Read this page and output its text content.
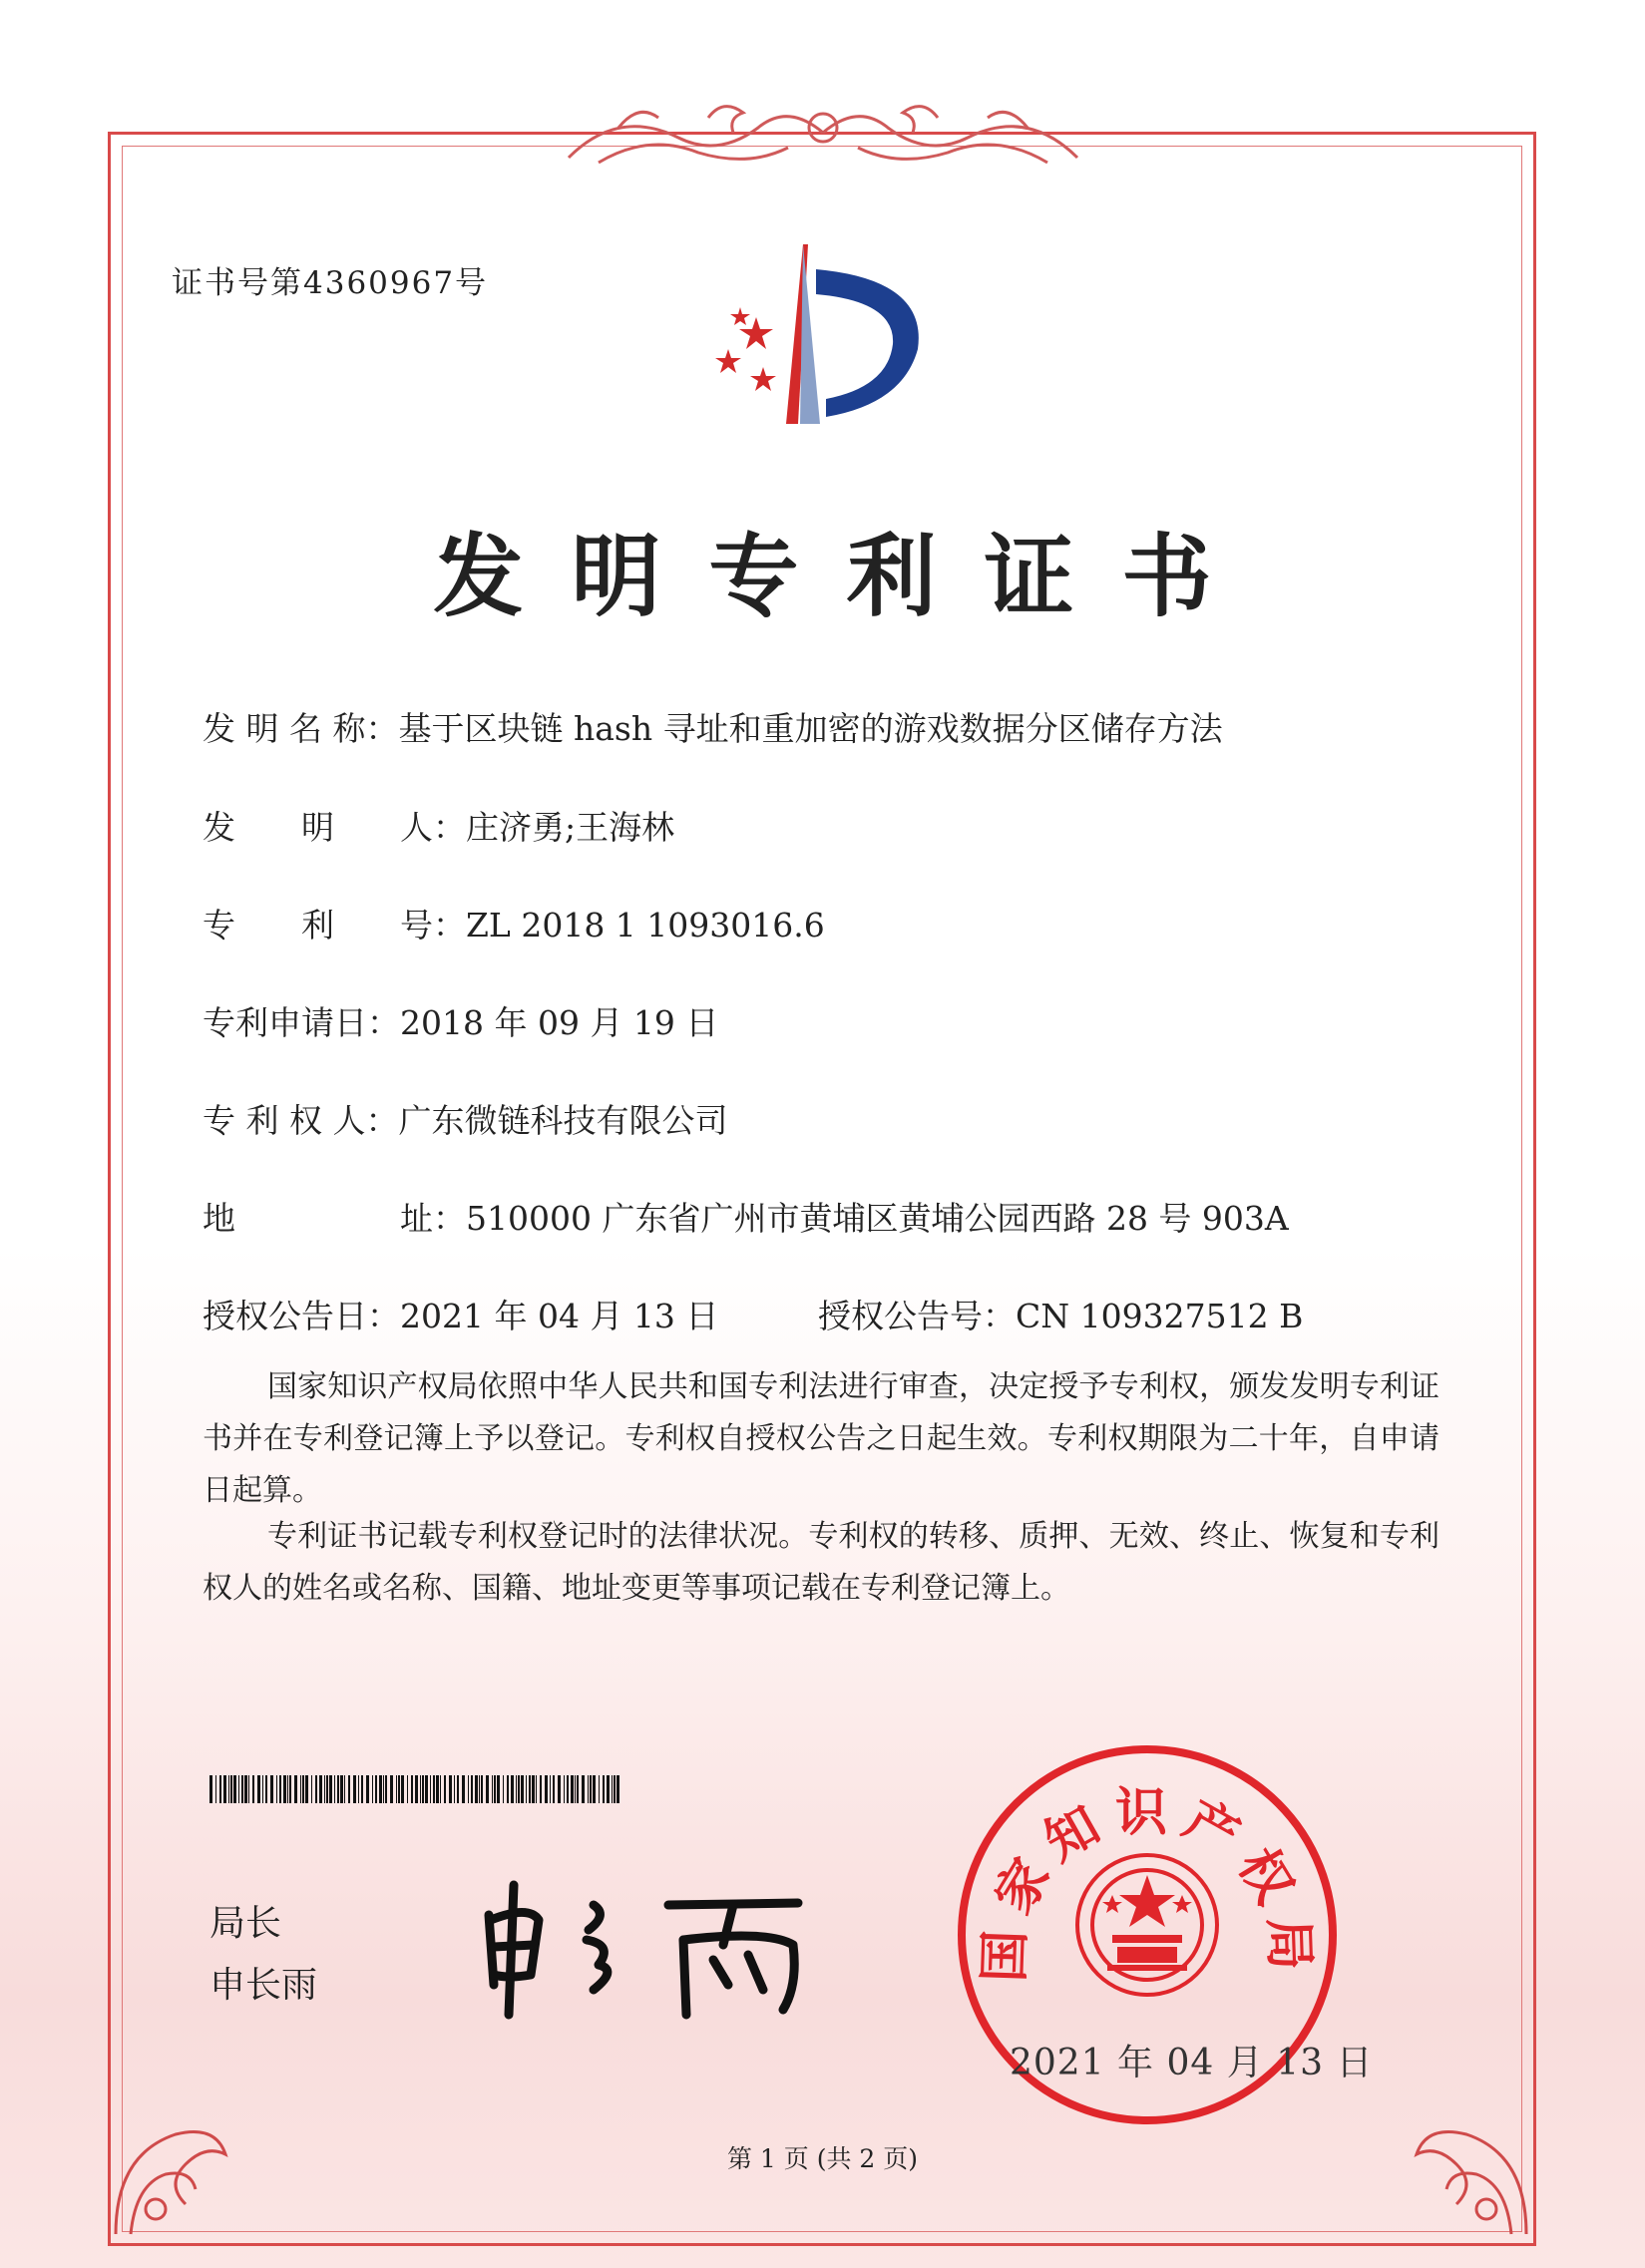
证书号第4360967号
发明专利证书
发 明 名 称：基于区块链 hash 寻址和重加密的游戏数据分区储存方法
发　　明　　人：庄济勇;王海林
专　　利　　号：ZL 2018 1 1093016.6
专利申请日：2018 年 09 月 19 日
专 利 权 人：广东微链科技有限公司
地　　　　　址：510000 广东省广州市黄埔区黄埔公园西路 28 号 903A
授权公告日：2021 年 04 月 13 日	授权公告号：CN 109327512 B
国家知识产权局依照中华人民共和国专利法进行审查，决定授予专利权，颁发发明专利证书并在专利登记簿上予以登记。专利权自授权公告之日起生效。专利权期限为二十年，自申请日起算。
专利证书记载专利权登记时的法律状况。专利权的转移、质押、无效、终止、恢复和专利权人的姓名或名称、国籍、地址变更等事项记载在专利登记簿上。
局长
申长雨
国家知识产权局
2021 年 04 月 13 日
第 1 页 (共 2 页)
